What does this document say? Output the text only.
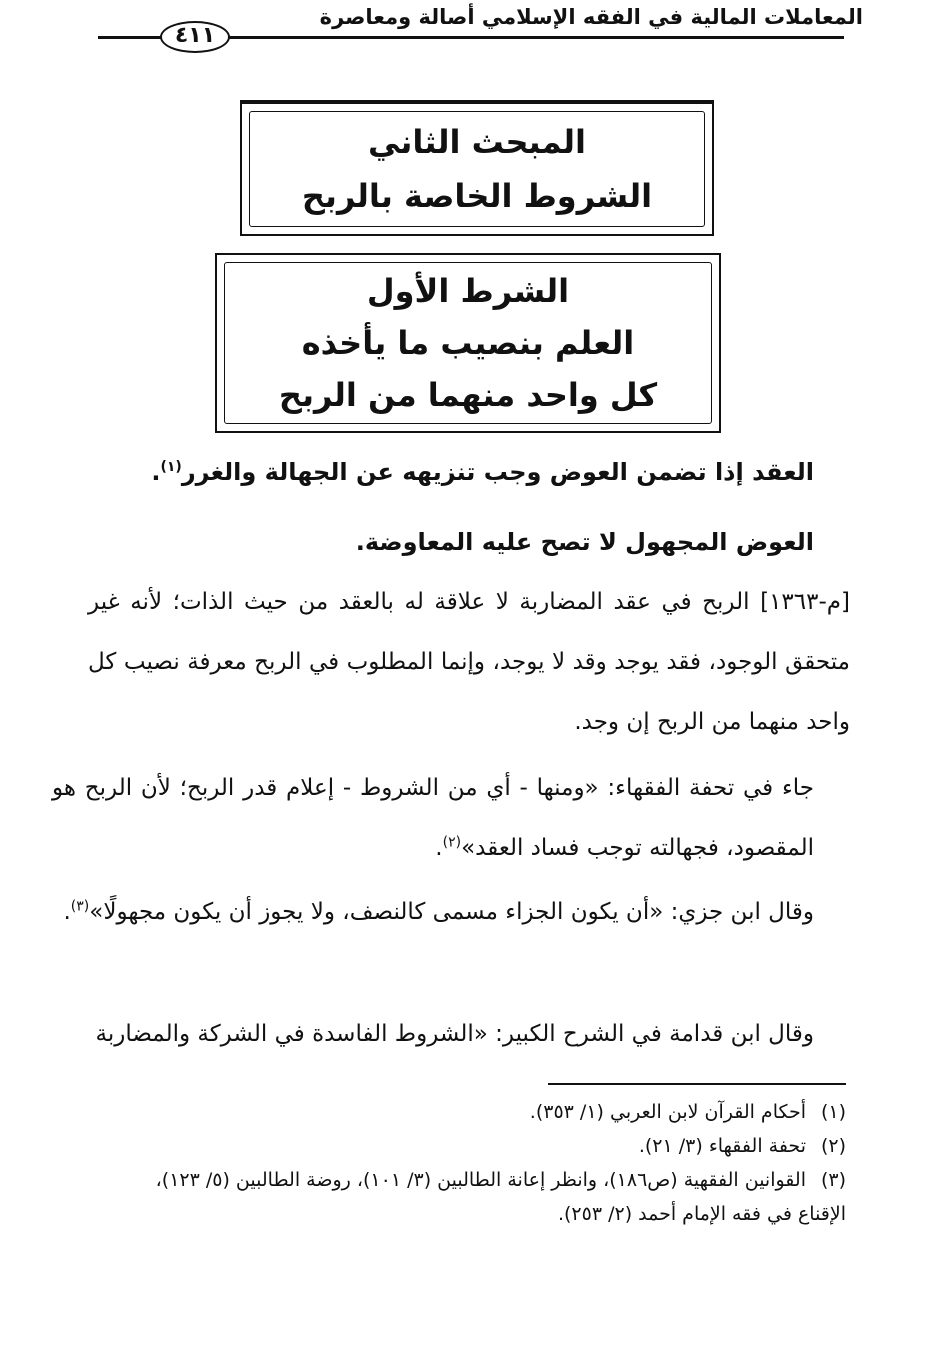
المعاملات المالية في الفقه الإسلامي أصالة ومعاصرة
٤١١
المبحث الثاني
الشروط الخاصة بالربح
الشرط الأول
العلم بنصيب ما يأخذه
كل واحد منهما من الربح
العقد إذا تضمن العوض وجب تنزيهه عن الجهالة والغرر$^{(١)}$.
العوض المجهول لا تصح عليه المعاوضة.
[م-١٣٦٣] الربح في عقد المضاربة لا علاقة له بالعقد من حيث الذات؛ لأنه غير متحقق الوجود، فقد يوجد وقد لا يوجد، وإنما المطلوب في الربح معرفة نصيب كل واحد منهما من الربح إن وجد.
جاء في تحفة الفقهاء: «ومنها - أي من الشروط - إعلام قدر الربح؛ لأن الربح هو المقصود، فجهالته توجب فساد العقد»$^{(٢)}$.
وقال ابن جزي: «أن يكون الجزاء مسمى كالنصف، ولا يجوز أن يكون مجهولًا»$^{(٣)}$.
وقال ابن قدامة في الشرح الكبير: «الشروط الفاسدة في الشركة والمضاربة
(١)أحكام القرآن لابن العربي (١/ ٣٥٣).
(٢)تحفة الفقهاء (٣/ ٢١).
(٣)القوانين الفقهية (ص١٨٦)، وانظر إعانة الطالبين (٣/ ١٠١)، روضة الطالبين (٥/ ١٢٣)،
الإقناع في فقه الإمام أحمد (٢/ ٢٥٣).
